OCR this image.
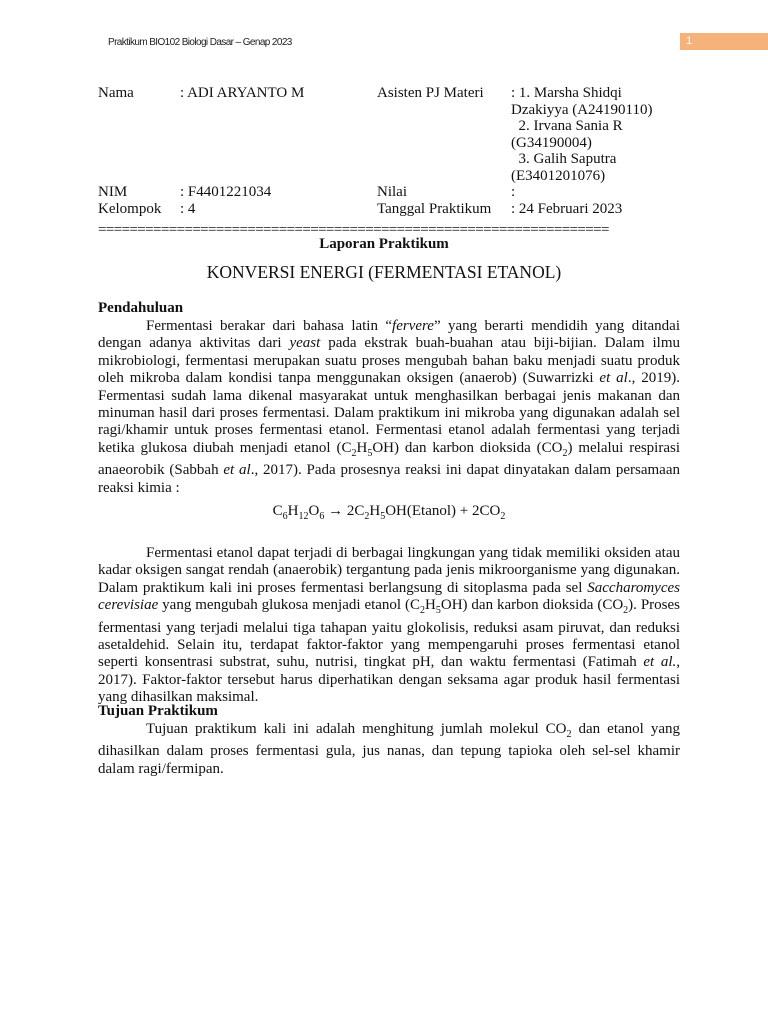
Praktikum BIO102 Biologi Dasar – Genap 2023	1
Nama	: ADI ARYANTO M	Asisten PJ Materi : 1. Marsha Shidqi
Dzakiyya (A24190110)
2. Irvana Sania R
(G34190004)
3. Galih Saputra
(E3401201076)
NIM	: F4401221034	Nilai	:
Kelompok : 4	Tanggal Praktikum : 24 Februari 2023
=================================================================
Laporan Praktikum
KONVERSI ENERGI (FERMENTASI ETANOL)
Pendahuluan

Fermentasi berakar dari bahasa latin “fervere” yang berarti mendidih yang ditandai dengan adanya aktivitas dari yeast pada ekstrak buah-buahan atau biji-bijian. Dalam ilmu mikrobiologi, fermentasi merupakan suatu proses mengubah bahan baku menjadi suatu produk oleh mikroba dalam kondisi tanpa menggunakan oksigen (anaerob) (Suwarrizki et al., 2019). Fermentasi sudah lama dikenal masyarakat untuk menghasilkan berbagai jenis makanan dan minuman hasil dari proses fermentasi. Dalam praktikum ini mikroba yang digunakan adalah sel ragi/khamir untuk proses fermentasi etanol. Fermentasi etanol adalah fermentasi yang terjadi ketika glukosa diubah menjadi etanol $(C_2H_5OH)$ dan karbon dioksida $(CO_2)$ melalui respirasi anaeorobik (Sabbah et al., 2017). Pada prosesnya reaksi ini dapat dinyatakan dalam persamaan reaksi kimia :

$C_6H_{12}O_6$ → $2C_2H_5OH(Etanol) + 2CO_2$

Fermentasi etanol dapat terjadi di berbagai lingkungan yang tidak memiliki oksiden atau kadar oksigen sangat rendah (anaerobik) tergantung pada jenis mikroorganisme yang digunakan. Dalam praktikum kali ini proses fermentasi berlangsung di sitoplasma pada sel Saccharomyces cerevisiae yang mengubah glukosa menjadi etanol $(C_2H_5OH)$ dan karbon dioksida $(CO_2)$. Proses fermentasi yang terjadi melalui tiga tahapan yaitu glokolisis, reduksi asam piruvat, dan reduksi asetaldehid. Selain itu, terdapat faktor-faktor yang mempengaruhi proses fermentasi etanol seperti konsentrasi substrat, suhu, nutrisi, tingkat pH, dan waktu fermentasi (Fatimah et al., 2017). Faktor-faktor tersebut harus diperhatikan dengan seksama agar produk hasil fermentasi yang dihasilkan maksimal.

Tujuan Praktikum

Tujuan praktikum kali ini adalah menghitung jumlah molekul $CO_2$ dan etanol yang dihasilkan dalam proses fermentasi gula, jus nanas, dan tepung tapioka oleh sel-sel khamir dalam ragi/fermipan.
